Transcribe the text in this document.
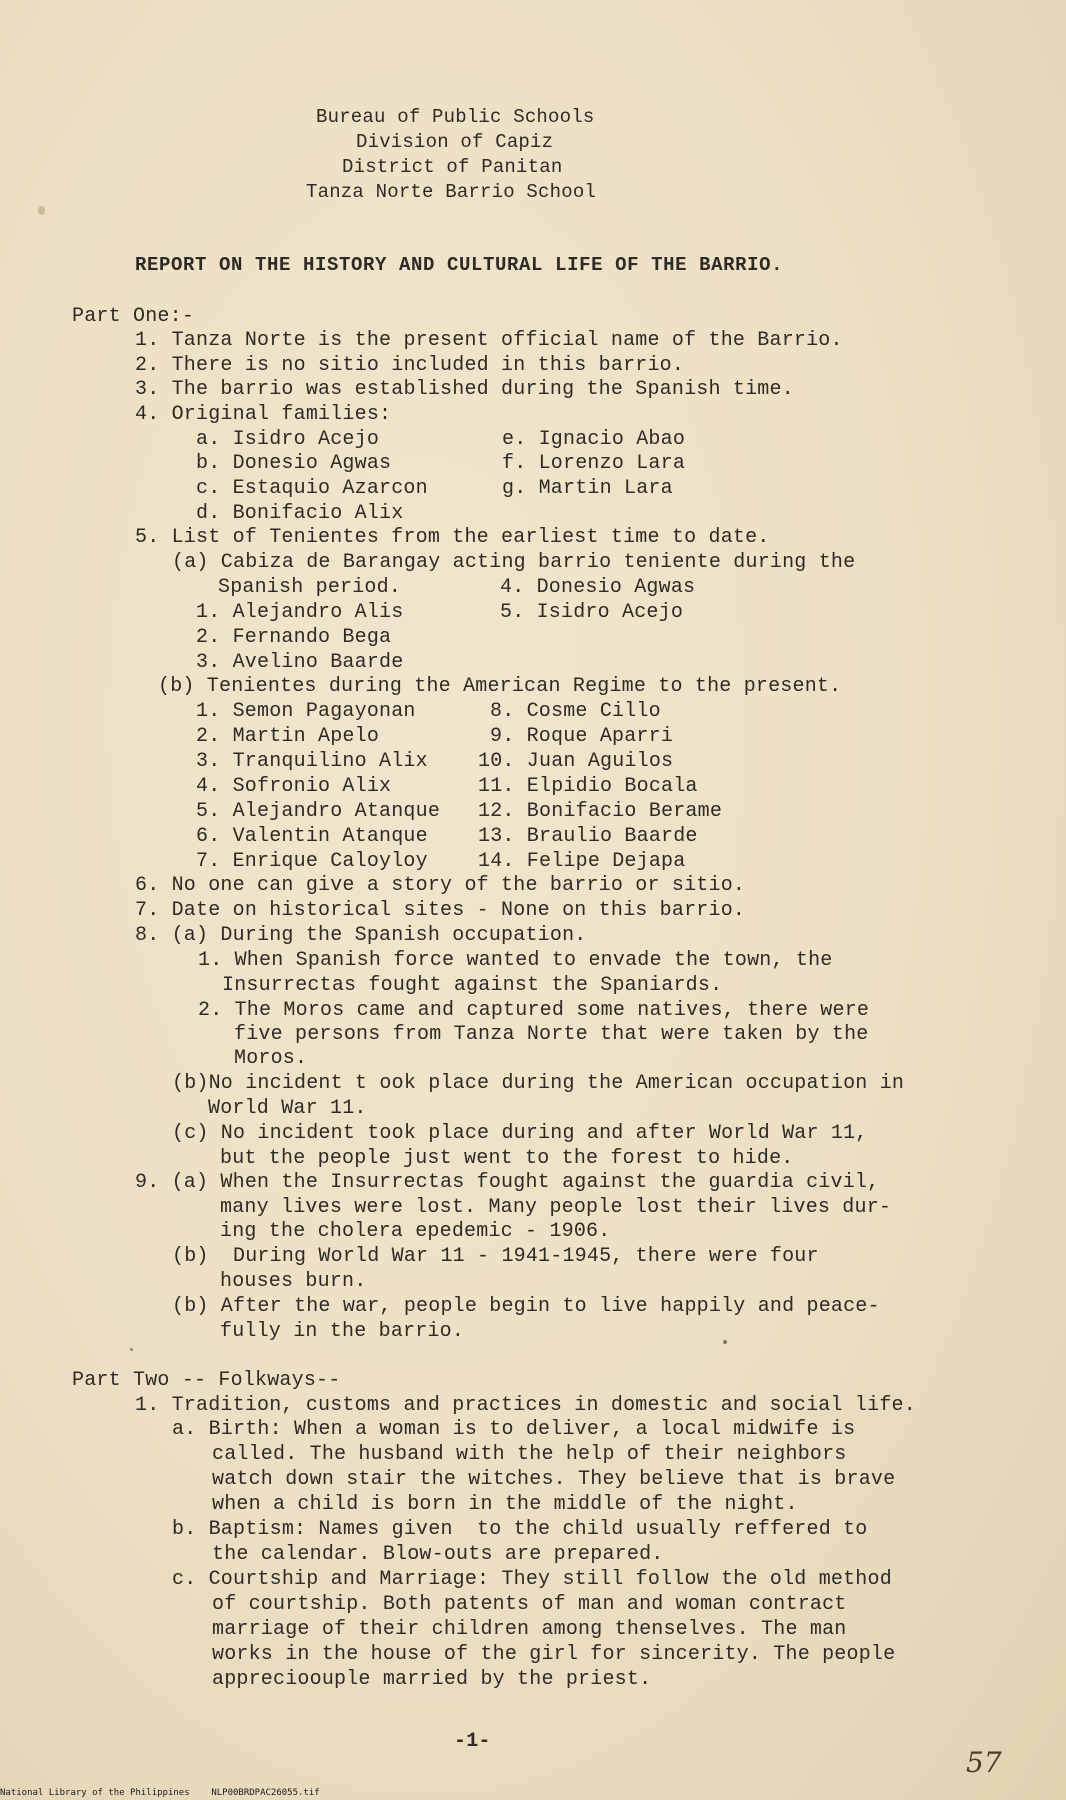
Bureau of Public Schools
Division of Capiz
District of Panitan
Tanza Norte Barrio School
REPORT ON THE HISTORY AND CULTURAL LIFE OF THE BARRIO.
Part One:-
1. Tanza Norte is the present official name of the Barrio.
2. There is no sitio included in this barrio.
3. The barrio was established during the Spanish time.
4. Original families:
a. Isidro Acejo	e. Ignacio Abao
b. Donesio Agwas	f. Lorenzo Lara
c. Estaquio Azarcon	g. Martin Lara
d. Bonifacio Alix
5. List of Tenientes from the earliest time to date.
(a) Cabiza de Barangay acting barrio teniente during the
Spanish period.	4. Donesio Agwas
1. Alejandro Alis	5. Isidro Acejo
2. Fernando Bega
3. Avelino Baarde
(b) Tenientes during the American Regime to the present.
1. Semon Pagayonan	8. Cosme Cillo
2. Martin Apelo	9. Roque Aparri
3. Tranquilino Alix	10. Juan Aguilos
4. Sofronio Alix	11. Elpidio Bocala
5. Alejandro Atanque 12. Bonifacio Berame
6. Valentin Atanque	13. Braulio Baarde
7. Enrique Caloyloy	14. Felipe Dejapa
6. No one can give a story of the barrio or sitio.
7. Date on historical sites - None on this barrio.
8. (a) During the Spanish occupation.
1. When Spanish force wanted to envade the town, the
Insurrectas fought against the Spaniards.
2. The Moros came and captured some natives, there were
five persons from Tanza Norte that were taken by the
Moros.
(b)No incident t ook place during the American occupation in
World War 11.
(c) No incident took place during and after World War 11,
but the people just went to the forest to hide.
9. (a) When the Insurrectas fought against the guardia civil,
many lives were lost. Many people lost their lives dur-
ing the cholera epedemic - 1906.
(b)  During World War 11 - 1941-1945, there were four
houses burn.
(b) After the war, people begin to live happily and peace-
fully in the barrio.
Part Two -- Folkways--
1. Tradition, customs and practices in domestic and social life.
a. Birth: When a woman is to deliver, a local midwife is
called. The husband with the help of their neighbors
watch down stair the witches. They believe that is brave
when a child is born in the middle of the night.
b. Baptism: Names given  to the child usually reffered to
the calendar. Blow-outs are prepared.
c. Courtship and Marriage: They still follow the old method
of courtship. Both patents of man and woman contract
marriage of their children among thenselves. The man
works in the house of the girl for sincerity. The people
apprecioouple married by the priest.
-1-
57
National Library of the Philippines    NLP00BRDPAC26055.tif
